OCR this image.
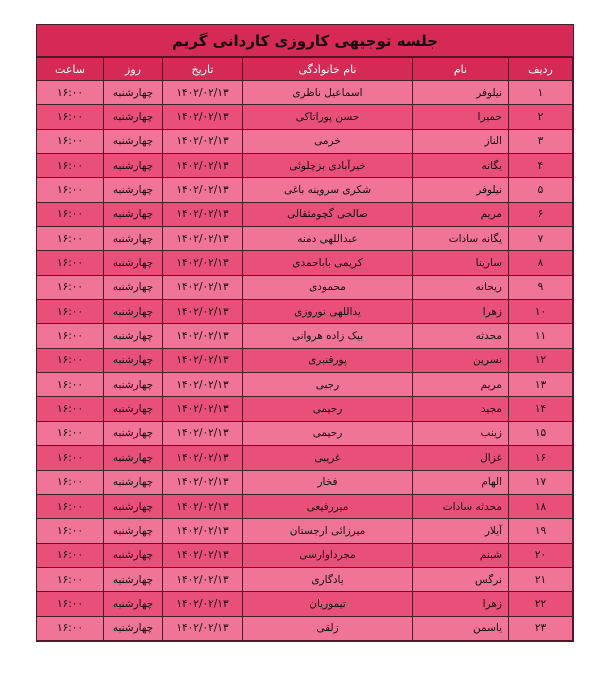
جلسه توجیهی کاروزی کاردانی گریم
ردیف	نام	نام خانوادگی	تاریخ	روز	ساعت
۱	نیلوفر	اسماعیل ناظری	۱۴۰۲/۰۲/۱۳	چهارشنبه	۱۶:۰۰
۲	حمیرا	حسن پوراتاکی	۱۴۰۲/۰۲/۱۳	چهارشنبه	۱۶:۰۰
۳	الناز	خرمی	۱۴۰۲/۰۲/۱۳	چهارشنبه	۱۶:۰۰
۴	یگانه	خیرآبادی بزچلوئی	۱۴۰۲/۰۲/۱۳	چهارشنبه	۱۶:۰۰
۵	نیلوفر	شکری سروینه باغی	۱۴۰۲/۰۲/۱۳	چهارشنبه	۱۶:۰۰
۶	مریم	صالحی گچومثقالی	۱۴۰۲/۰۲/۱۳	چهارشنبه	۱۶:۰۰
۷	یگانه سادات	عبداللهی دمنه	۱۴۰۲/۰۲/۱۳	چهارشنبه	۱۶:۰۰
۸	سارینا	کریمی باباحمدی	۱۴۰۲/۰۲/۱۳	چهارشنبه	۱۶:۰۰
۹	ریحانه	محمودی	۱۴۰۲/۰۲/۱۳	چهارشنبه	۱۶:۰۰
۱۰	زهرا	یداللهی نوروزی	۱۴۰۲/۰۲/۱۳	چهارشنبه	۱۶:۰۰
۱۱	محدثه	بیک زاده هروانی	۱۴۰۲/۰۲/۱۳	چهارشنبه	۱۶:۰۰
۱۲	نسرین	پورقنبری	۱۴۰۲/۰۲/۱۳	چهارشنبه	۱۶:۰۰
۱۳	مریم	رجبی	۱۴۰۲/۰۲/۱۳	چهارشنبه	۱۶:۰۰
۱۴	مجید	رحیمی	۱۴۰۲/۰۲/۱۳	چهارشنبه	۱۶:۰۰
۱۵	زینب	رحیمی	۱۴۰۲/۰۲/۱۳	چهارشنبه	۱۶:۰۰
۱۶	غزال	غریبی	۱۴۰۲/۰۲/۱۳	چهارشنبه	۱۶:۰۰
۱۷	الهام	فخار	۱۴۰۲/۰۲/۱۳	چهارشنبه	۱۶:۰۰
۱۸	محدثه سادات	میررفیعی	۱۴۰۲/۰۲/۱۳	چهارشنبه	۱۶:۰۰
۱۹	آیلار	میرزائی ارجستان	۱۴۰۲/۰۲/۱۳	چهارشنبه	۱۶:۰۰
۲۰	شبنم	مجرداوارسی	۱۴۰۲/۰۲/۱۳	چهارشنبه	۱۶:۰۰
۲۱	نرگس	یادگاری	۱۴۰۲/۰۲/۱۳	چهارشنبه	۱۶:۰۰
۲۲	زهرا	تیموریان	۱۴۰۲/۰۲/۱۳	چهارشنبه	۱۶:۰۰
۲۳	یاسمن	زلقی	۱۴۰۲/۰۲/۱۳	چهارشنبه	۱۶:۰۰
